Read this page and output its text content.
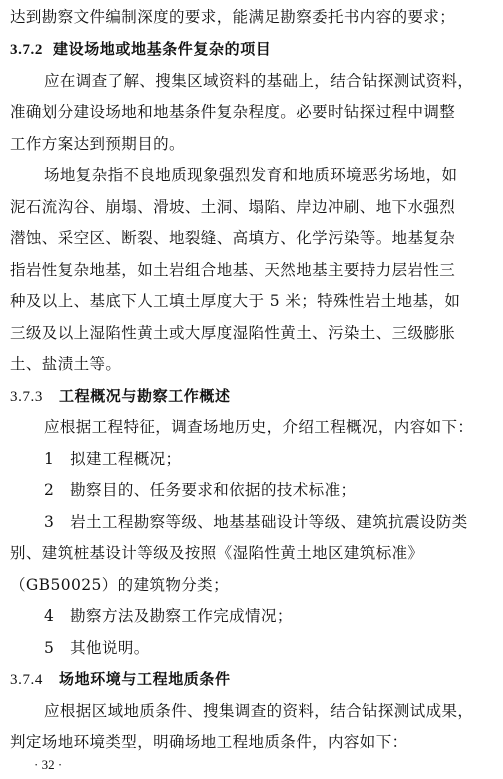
达到勘察文件编制深度的要求，能满足勘察委托书内容的要求；
3.7.2 建设场地或地基条件复杂的项目
应在调查了解、搜集区域资料的基础上，结合钻探测试资料，
准确划分建设场地和地基条件复杂程度。必要时钻探过程中调整
工作方案达到预期目的。
场地复杂指不良地质现象强烈发育和地质环境恶劣场地，如
泥石流沟谷、崩塌、滑坡、土洞、塌陷、岸边冲刷、地下水强烈
潜蚀、采空区、断裂、地裂缝、高填方、化学污染等。地基复杂
指岩性复杂地基，如土岩组合地基、天然地基主要持力层岩性三
种及以上、基底下人工填土厚度大于 5 米；特殊性岩土地基，如
三级及以上湿陷性黄土或大厚度湿陷性黄土、污染土、三级膨胀
土、盐渍土等。
3.7.3 工程概况与勘察工作概述
应根据工程特征，调查场地历史，介绍工程概况，内容如下：
1　拟建工程概况；
2　勘察目的、任务要求和依据的技术标准；
3　岩土工程勘察等级、地基基础设计等级、建筑抗震设防类
别、建筑桩基设计等级及按照《湿陷性黄土地区建筑标准》
（GB50025）的建筑物分类；
4　勘察方法及勘察工作完成情况；
5　其他说明。
3.7.4 场地环境与工程地质条件
应根据区域地质条件、搜集调查的资料，结合钻探测试成果，
判定场地环境类型，明确场地工程地质条件，内容如下：
· 32 ·
